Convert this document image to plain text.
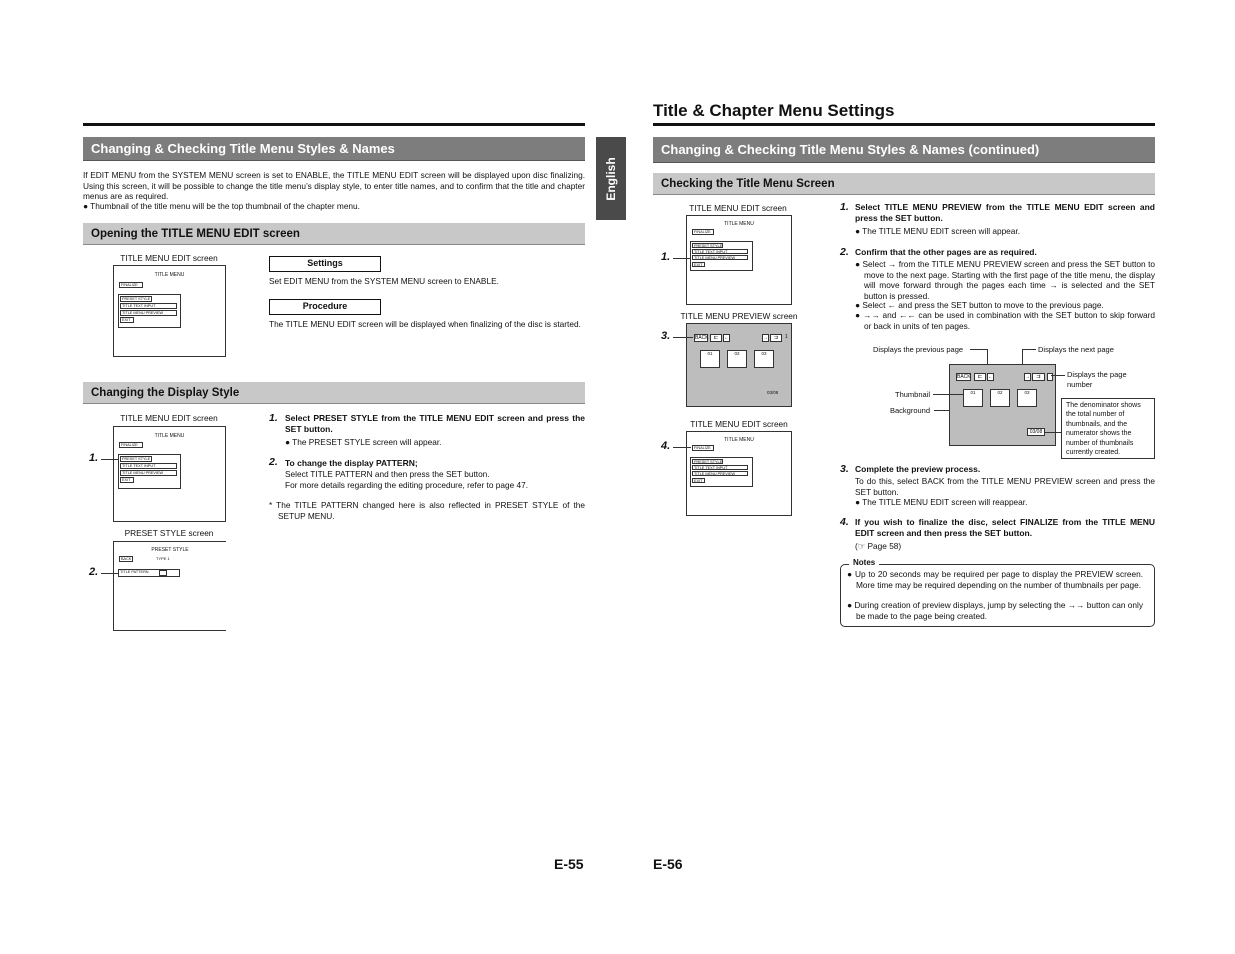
Changing & Checking Title Menu Styles & Names
If EDIT MENU from the SYSTEM MENU screen is set to ENABLE, the TITLE MENU EDIT screen will be displayed upon disc finalizing. Using this screen, it will be possible to change the title menu’s display style, to enter title names, and to confirm that the title and chapter menus are as required.
● Thumbnail of the title menu will be the top thumbnail of the chapter menu.
Opening the TITLE MENU EDIT screen
TITLE MENU EDIT screen
TITLE MENU
FINALIZE
PRESET STYLE
TITLE TEXT INPUT
TITLE MENU PREVIEW
EXIT
Settings
Set EDIT MENU from the SYSTEM MENU screen to ENABLE.
Procedure
The TITLE MENU EDIT screen will be displayed when finalizing of the disc is started.
Changing the Display Style
TITLE MENU EDIT screen
TITLE MENU
FINALIZE
PRESET STYLE
TITLE TEXT INPUT
TITLE MENU PREVIEW
EXIT
1.
PRESET STYLE screen
PRESET STYLE
BACK	TYPE 1
TITLE PATTERN
2.
1. Select PRESET STYLE from the TITLE MENU EDIT screen and press the SET button.
● The PRESET STYLE screen will appear.
2. To change the display PATTERN;
Select TITLE PATTERN and then press the SET button.
For more details regarding the editing procedure, refer to page 47.
* The TITLE PATTERN changed here is also reflected in PRESET STYLE of the SETUP MENU.
E-55
English
Title & Chapter Menu Settings
Changing & Checking Title Menu Styles & Names (continued)
Checking the Title Menu Screen
TITLE MENU EDIT screen
TITLE MENU
FINALIZE
PRESET STYLE
TITLE TEXT INPUT
TITLE MENU PREVIEW
EXIT
1.
TITLE MENU PREVIEW screen
BACK	⇇	←	→	⇉	1
01	02	03
03/08
3.
TITLE MENU EDIT screen
TITLE MENU
FINALIZE
PRESET STYLE
TITLE TEXT INPUT
TITLE MENU PREVIEW
EXIT
4.
1. Select TITLE MENU PREVIEW from the TITLE MENU EDIT screen and press the SET button.
● The TITLE MENU EDIT screen will appear.
2. Confirm that the other pages are as required.
● Select → from the TITLE MENU PREVIEW screen and press the SET button to move to the next page. Starting with the first page of the title menu, the display will move forward through the pages each time → is selected and the SET button is pressed.
● Select ← and press the SET button to move to the previous page.
● →→ and ←← can be used in combination with the SET button to skip forward or back in units of ten pages.
Displays the previous page	Displays the next page
BACK	⇇	←	→	⇉
01	02	03
03/08
Displays the page number
Thumbnail
Background
The denominator shows the total number of thumbnails, and the numerator shows the number of thumbnails currently created.
3. Complete the preview process.
To do this, select BACK from the TITLE MENU PREVIEW screen and press the SET button.
● The TITLE MENU EDIT screen will reappear.
4. If you wish to finalize the disc, select FINALIZE from the TITLE MENU EDIT screen and then press the SET button.
(☞ Page 58)
Notes
● Up to 20 seconds may be required per page to display the PREVIEW screen. More time may be required depending on the number of thumbnails per page.
● During creation of preview displays, jump by selecting the →→ button can only be made to the page being created.
E-56
